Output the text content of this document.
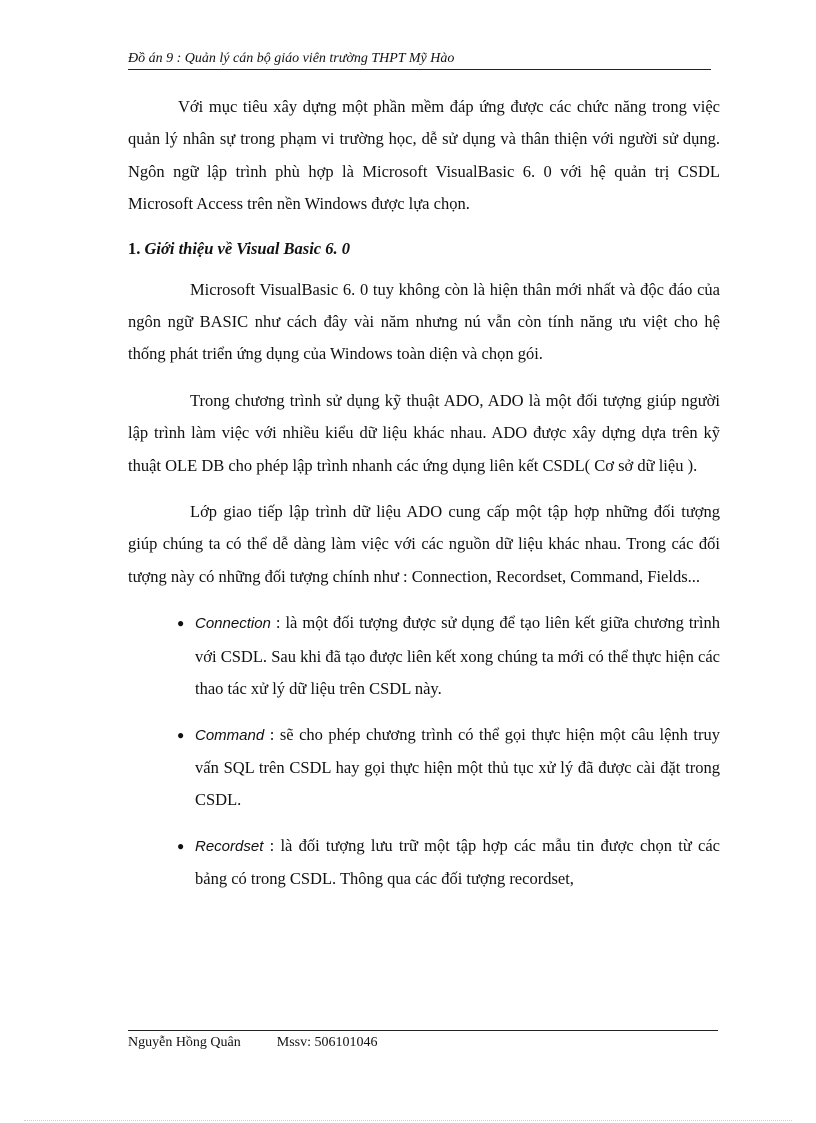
Đồ án 9 : Quản lý cán bộ giáo viên trường THPT Mỹ Hào

Với mục tiêu xây dựng một phần mềm đáp ứng được các chức năng trong việc quản lý nhân sự trong phạm vi trường học, dễ sử dụng và thân thiện với người sử dụng. Ngôn ngữ lập trình phù hợp là Microsoft VisualBasic 6. 0 với hệ quản trị CSDL Microsoft Access trên nền Windows được lựa chọn.

1. Giới thiệu về Visual Basic 6. 0

Microsoft VisualBasic 6. 0 tuy không còn là hiện thân mới nhất và độc đáo của ngôn ngữ BASIC như cách đây vài năm nhưng nú vẫn còn tính năng ưu việt cho hệ thống phát triển ứng dụng của Windows toàn diện và chọn gói.

Trong chương trình sử dụng kỹ thuật ADO, ADO là một đối tượng giúp người lập trình làm việc với nhiều kiểu dữ liệu khác nhau. ADO được xây dựng dựa trên kỹ thuật OLE DB cho phép lập trình nhanh các ứng dụng liên kết CSDL( Cơ sở dữ liệu ).

Lớp giao tiếp lập trình dữ liệu ADO cung cấp một tập hợp những đối tượng giúp chúng ta có thể dễ dàng làm việc với các nguồn dữ liệu khác nhau. Trong các đối tượng này có những đối tượng chính như : Connection, Recordset, Command, Fields...

● Connection : là một đối tượng được sử dụng để tạo liên kết giữa chương trình với CSDL. Sau khi đã tạo được liên kết xong chúng ta mới có thể thực hiện các thao tác xử lý dữ liệu trên CSDL này.
● Command : sẽ cho phép chương trình có thể gọi thực hiện một câu lệnh truy vấn SQL trên CSDL hay gọi thực hiện một thủ tục xử lý đã được cài đặt trong CSDL.
● Recordset : là đối tượng lưu trữ một tập hợp các mẫu tin được chọn từ các bảng có trong CSDL. Thông qua các đối tượng recordset,
Nguyễn Hồng Quân	Mssv: 506101046
